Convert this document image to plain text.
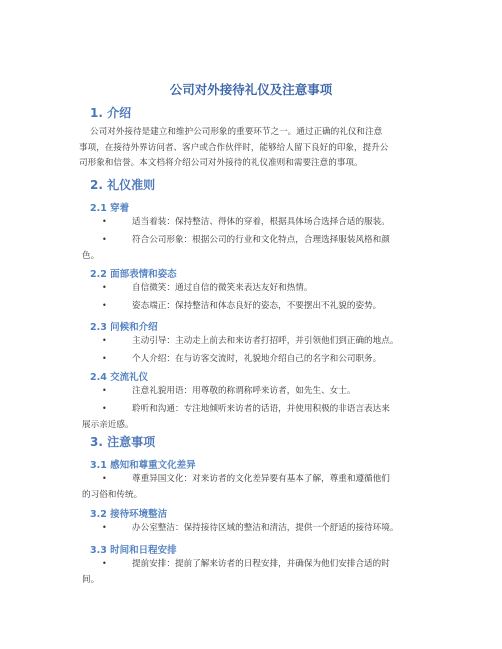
公司对外接待礼仪及注意事项
1. 介绍

公司对外接待是建立和维护公司形象的重要环节之一。通过正确的礼仪和注意
事项，在接待外界访问者、客户或合作伙伴时，能够给人留下良好的印象，提升公
司形象和信誉。本文档将介绍公司对外接待的礼仪准则和需要注意的事项。

2. 礼仪准则
2.1 穿着
•适当着装：保持整洁、得体的穿着，根据具体场合选择合适的服装。
•符合公司形象：根据公司的行业和文化特点，合理选择服装风格和颜
色。
2.2 面部表情和姿态
•自信微笑：通过自信的微笑来表达友好和热情。
•姿态端正：保持整洁和体态良好的姿态，不要摆出不礼貌的姿势。
2.3 问候和介绍
•主动引导：主动走上前去和来访者打招呼，并引领他们到正确的地点。
•个人介绍：在与访客交流时，礼貌地介绍自己的名字和公司职务。
2.4 交流礼仪
•注意礼貌用语：用尊敬的称谓称呼来访者，如先生、女士。
•聆听和沟通：专注地倾听来访者的话语，并使用积极的非语言表达来
展示亲近感。
3. 注意事项
3.1 感知和尊重文化差异
•尊重异国文化：对来访者的文化差异要有基本了解，尊重和遵循他们
的习俗和传统。
3.2 接待环境整洁
•办公室整洁：保持接待区域的整洁和清洁，提供一个舒适的接待环境。
3.3 时间和日程安排
•提前安排：提前了解来访者的日程安排，并确保为他们安排合适的时
间。
